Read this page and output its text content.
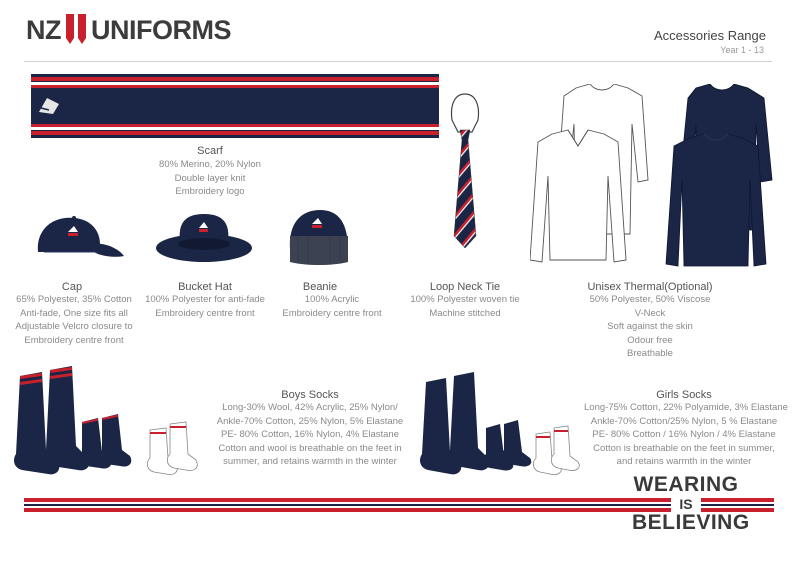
NZ UNIFORMS	Accessories Range
Year 1 - 13
Scarf
80% Merino, 20% Nylon
Double layer knit
Embroidery logo
Cap
65% Polyester, 35% Cotton
Anti-fade, One size fits all
Adjustable Velcro closure to
Embroidery centre front
Bucket Hat
100% Polyester for anti-fade
Embroidery centre front
Beanie
100% Acrylic
Embroidery centre front
Loop Neck Tie
100% Polyester woven tie
Machine stitched
Unisex Thermal(Optional)
50% Polyester, 50% Viscose
V-Neck
Soft against the skin
Odour free
Breathable
Boys Socks
Long-30% Wool, 42% Acrylic, 25% Nylon/
Ankle-70% Cotton, 25% Nylon, 5% Elastane
PE- 80% Cotton, 16% Nylon, 4% Elastane
Cotton and wool is breathable on the feet in
summer, and retains warmth in the winter
Girls Socks
Long-75% Cotton, 22% Polyamide, 3% Elastane
Ankle-70% Cotton/25% Nylon, 5 % Elastane
PE- 80% Cotton / 16% Nylon / 4% Elastane
Cotton is breathable on the feet in summer,
and retains warmth in the winter
WEARING
IS
BELIEVING
